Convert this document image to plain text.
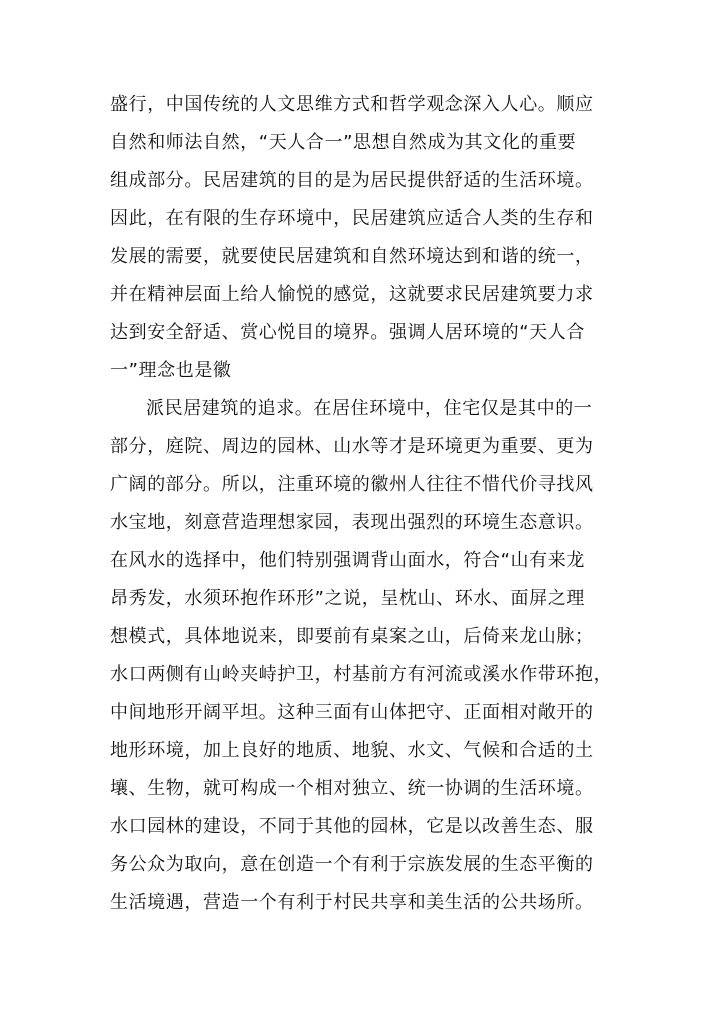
盛行，中国传统的人文思维方式和哲学观念深入人心。顺应
自然和师法自然，“天人合一”思想自然成为其文化的重要
组成部分。民居建筑的目的是为居民提供舒适的生活环境。
因此，在有限的生存环境中，民居建筑应适合人类的生存和
发展的需要，就要使民居建筑和自然环境达到和谐的统一，
并在精神层面上给人愉悦的感觉，这就要求民居建筑要力求
达到安全舒适、赏心悦目的境界。强调人居环境的“天人合
一”理念也是徽
派民居建筑的追求。在居住环境中，住宅仅是其中的一
部分，庭院、周边的园林、山水等才是环境更为重要、更为
广阔的部分。所以，注重环境的徽州人往往不惜代价寻找风
水宝地，刻意营造理想家园，表现出强烈的环境生态意识。
在风水的选择中，他们特别强调背山面水，符合“山有来龙
昂秀发，水须环抱作环形”之说，呈枕山、环水、面屏之理
想模式，具体地说来，即要前有桌案之山，后倚来龙山脉；
水口两侧有山岭夹峙护卫，村基前方有河流或溪水作带环抱，
中间地形开阔平坦。这种三面有山体把守、正面相对敞开的
地形环境，加上良好的地质、地貌、水文、气候和合适的土
壤、生物，就可构成一个相对独立、统一协调的生活环境。
水口园林的建设，不同于其他的园林，它是以改善生态、服
务公众为取向，意在创造一个有利于宗族发展的生态平衡的
生活境遇，营造一个有利于村民共享和美生活的公共场所。
